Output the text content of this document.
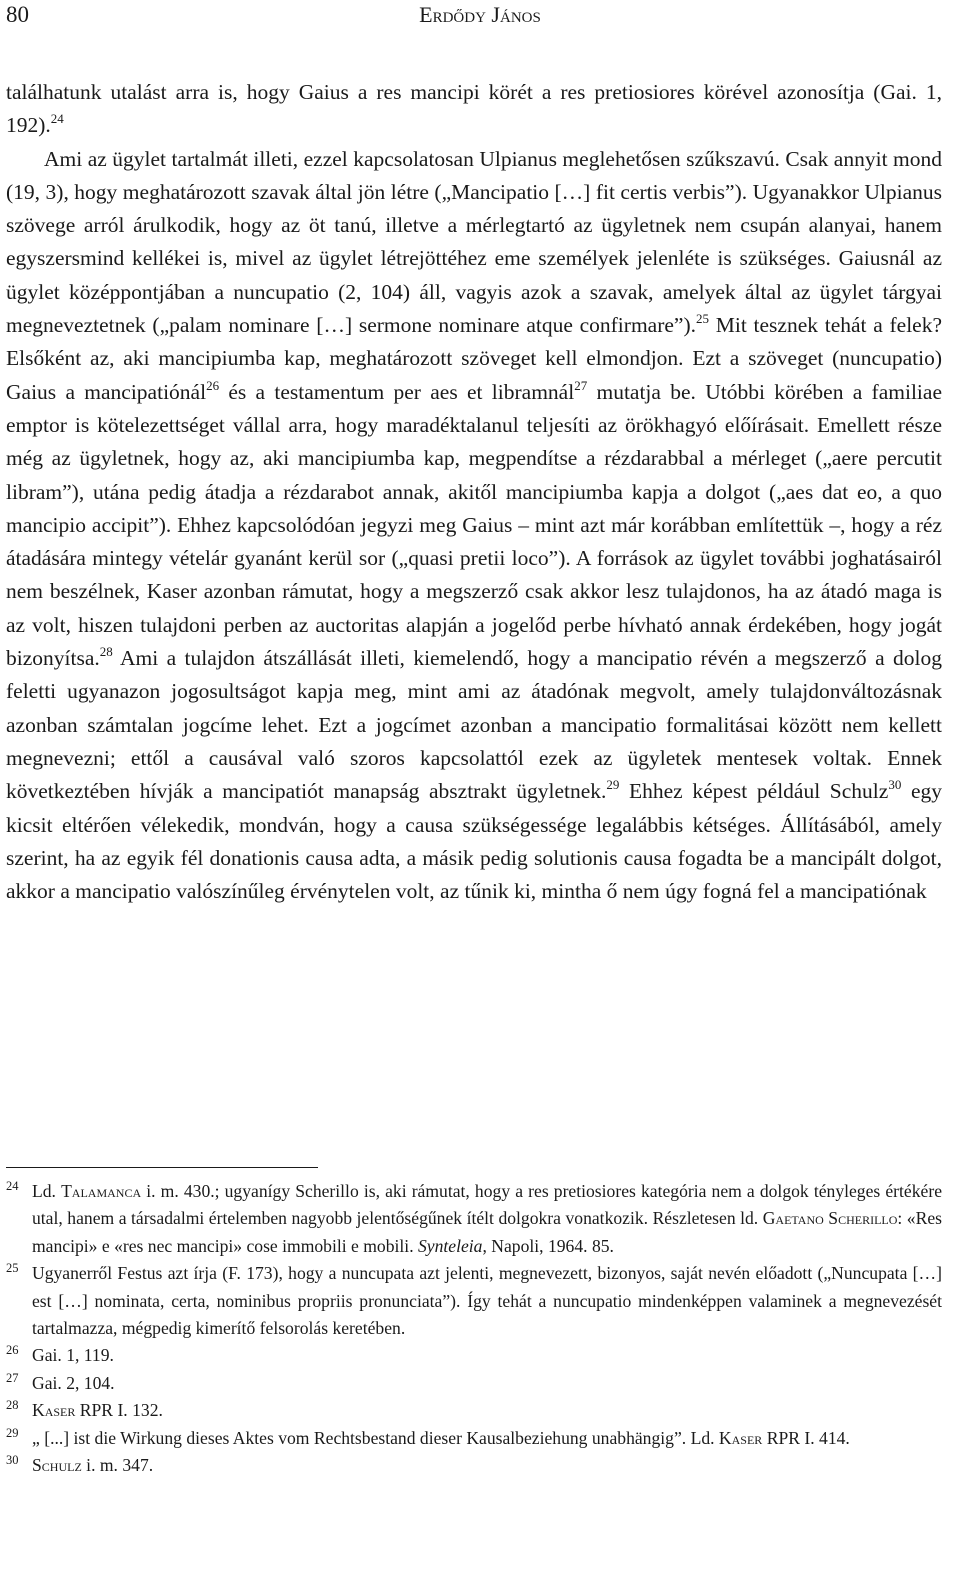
80	Erdődy János

találhatunk utalást arra is, hogy Gaius a res mancipi körét a res pretiosiores körével azonosítja (Gai. 1, 192).$^{24}$

Ami az ügylet tartalmát illeti, ezzel kapcsolatosan Ulpianus meglehetősen szűkszavú. Csak annyit mond (19, 3), hogy meghatározott szavak által jön létre („Mancipatio […] fit certis verbis”). Ugyanakkor Ulpianus szövege arról árulkodik, hogy az öt tanú, illetve a mérlegtartó az ügyletnek nem csupán alanyai, hanem egyszersmind kellékei is, mivel az ügylet létrejöttéhez eme személyek jelenléte is szükséges. Gaiusnál az ügylet középpontjában a nuncupatio (2, 104) áll, vagyis azok a szavak, amelyek által az ügylet tárgyai megneveztetnek („palam nominare […] sermone nominare atque confirmare”).$^{25}$ Mit tesznek tehát a felek? Elsőként az, aki mancipiumba kap, meghatározott szöveget kell elmondjon. Ezt a szöveget (nuncupatio) Gaius a mancipatiónál$^{26}$ és a testamentum per aes et libramnál$^{27}$ mutatja be. Utóbbi körében a familiae emptor is kötelezettséget vállal arra, hogy maradéktalanul teljesíti az örökhagyó előírásait. Emellett része még az ügyletnek, hogy az, aki mancipiumba kap, megpendítse a rézdarabbal a mérleget („aere percutit libram”), utána pedig átadja a rézdarabot annak, akitől mancipiumba kapja a dolgot („aes dat eo, a quo mancipio accipit”). Ehhez kapcsolódóan jegyzi meg Gaius – mint azt már korábban említettük –, hogy a réz átadására mintegy vételár gyanánt kerül sor („quasi pretii loco”). A források az ügylet további joghatásairól nem beszélnek, Kaser azonban rámutat, hogy a megszerző csak akkor lesz tulajdonos, ha az átadó maga is az volt, hiszen tulajdoni perben az auctoritas alapján a jogelőd perbe hívható annak érdekében, hogy jogát bizonyítsa.$^{28}$ Ami a tulajdon átszállását illeti, kiemelendő, hogy a mancipatio révén a megszerző a dolog feletti ugyanazon jogosultságot kapja meg, mint ami az átadónak megvolt, amely tulajdonváltozásnak azonban számtalan jogcíme lehet. Ezt a jogcímet azonban a mancipatio formalitásai között nem kellett megnevezni; ettől a causával való szoros kapcsolattól ezek az ügyletek mentesek voltak. Ennek következtében hívják a mancipatiót manapság absztrakt ügyletnek.$^{29}$ Ehhez képest például Schulz$^{30}$ egy kicsit eltérően vélekedik, mondván, hogy a causa szükségessége legalábbis kétséges. Állításából, amely szerint, ha az egyik fél donationis causa adta, a másik pedig solutionis causa fogadta be a mancipált dolgot, akkor a mancipatio valószínűleg érvénytelen volt, az tűnik ki, mintha ő nem úgy fogná fel a mancipatiónak

24 Ld. Talamanca i. m. 430.; ugyanígy Scherillo is, aki rámutat, hogy a res pretiosiores kategória nem a dolgok tényleges értékére utal, hanem a társadalmi értelemben nagyobb jelentőségűnek ítélt dolgokra vonatkozik. Részletesen ld. Gaetano Scherillo: «Res mancipi» e «res nec mancipi» cose immobili e mobili. Synteleia, Napoli, 1964. 85.
25 Ugyanerről Festus azt írja (F. 173), hogy a nuncupata azt jelenti, megnevezett, bizonyos, saját nevén előadott („Nuncupata […] est […] nominata, certa, nominibus propriis pronunciata”). Így tehát a nuncupatio mindenképpen valaminek a megnevezését tartalmazza, mégpedig kimerítő felsorolás keretében.
26 Gai. 1, 119.
27 Gai. 2, 104.
28 Kaser RPR I. 132.
29 „ [...] ist die Wirkung dieses Aktes vom Rechtsbestand dieser Kausalbeziehung unabhängig”. Ld. Kaser RPR I. 414.
30 Schulz i. m. 347.
